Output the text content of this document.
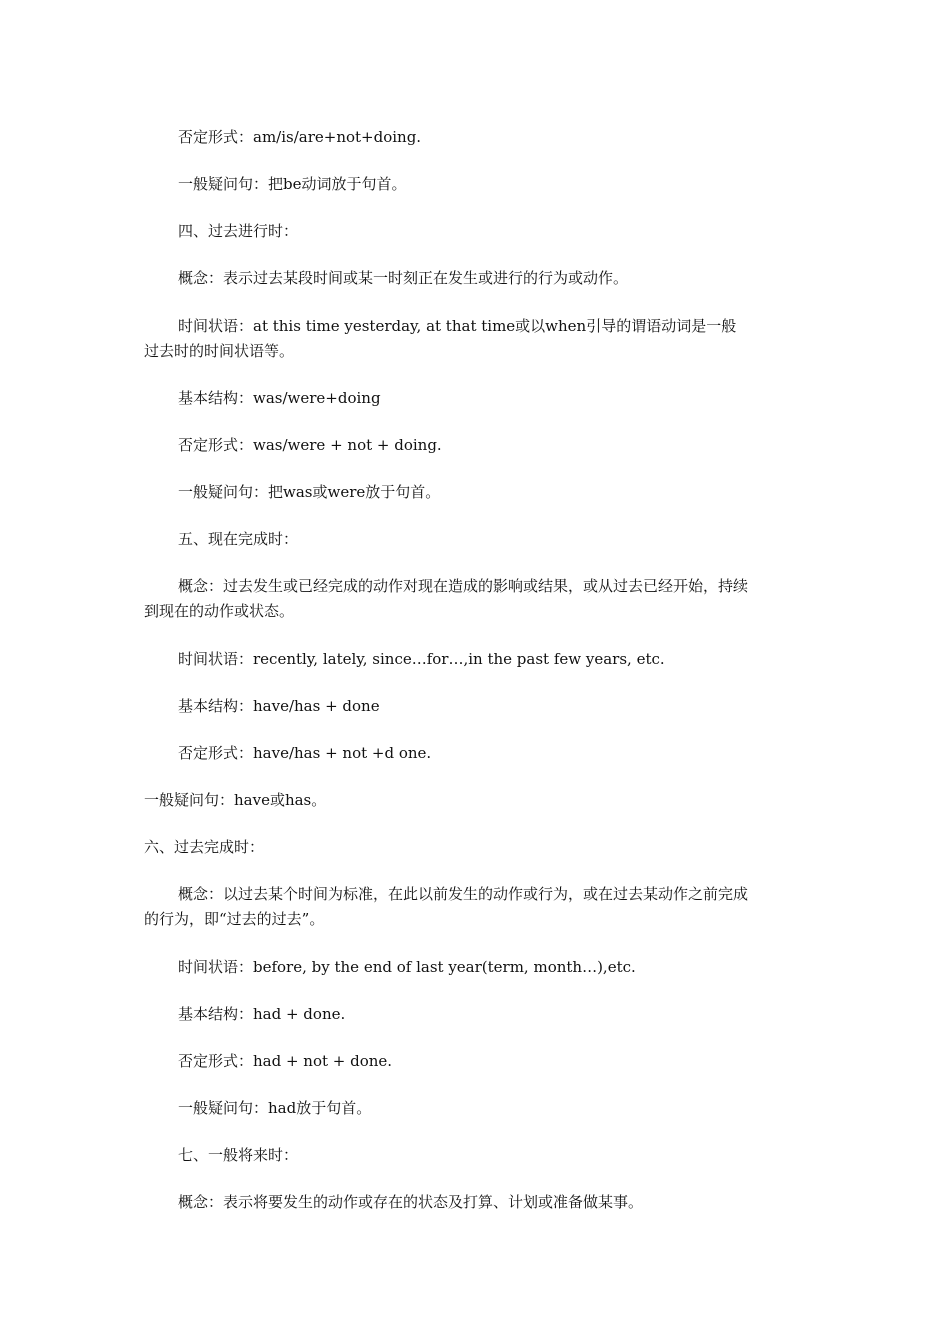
否定形式：am/is/are+not+doing.
一般疑问句：把be动词放于句首。
四、过去进行时：
概念：表示过去某段时间或某一时刻正在发生或进行的行为或动作。
时间状语：at this time yesterday, at that time或以when引导的谓语动词是一般
过去时的时间状语等。
基本结构：was/were+doing
否定形式：was/were + not + doing.
一般疑问句：把was或were放于句首。
五、现在完成时：
概念：过去发生或已经完成的动作对现在造成的影响或结果，或从过去已经开始，持续
到现在的动作或状态。
时间状语：recently, lately, since…for…,in the past few years, etc.
基本结构：have/has + done
否定形式：have/has + not +d one.
一般疑问句：have或has。
六、过去完成时：
概念：以过去某个时间为标准，在此以前发生的动作或行为，或在过去某动作之前完成
的行为，即“过去的过去”。
时间状语：before, by the end of last year(term, month…),etc.
基本结构：had + done.
否定形式：had + not + done.
一般疑问句：had放于句首。
七、一般将来时：
概念：表示将要发生的动作或存在的状态及打算、计划或准备做某事。
